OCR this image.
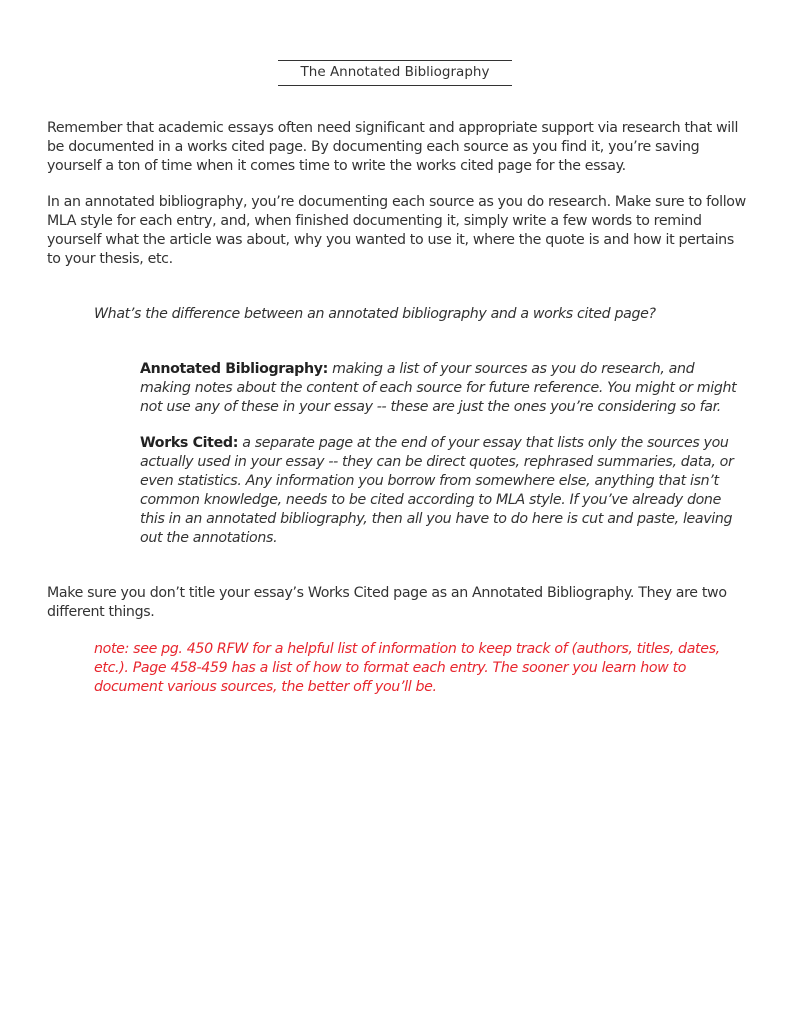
The Annotated Bibliography

Remember that academic essays often need significant and appropriate support via research that will be documented in a works cited page. By documenting each source as you find it, you’re saving yourself a ton of time when it comes time to write the works cited page for the essay.

In an annotated bibliography, you’re documenting each source as you do research. Make sure to follow MLA style for each entry, and, when finished documenting it, simply write a few words to remind yourself what the article was about, why you wanted to use it, where the quote is and how it pertains to your thesis, etc.

What’s the difference between an annotated bibliography and a works cited page?
Annotated Bibliography: making a list of your sources as you do research, and making notes about the content of each source for future reference. You might or might not use any of these in your essay -- these are just the ones you’re considering so far.
Works Cited: a separate page at the end of your essay that lists only the sources you actually used in your essay -- they can be direct quotes, rephrased summaries, data, or even statistics. Any information you borrow from somewhere else, anything that isn’t common knowledge, needs to be cited according to MLA style. If you’ve already done this in an annotated bibliography, then all you have to do here is cut and paste, leaving out the annotations.

Make sure you don’t title your essay’s Works Cited page as an Annotated Bibliography. They are two different things.

note: see pg. 450 RFW for a helpful list of information to keep track of (authors, titles, dates, etc.). Page 458-459 has a list of how to format each entry. The sooner you learn how to document various sources, the better off you’ll be.
